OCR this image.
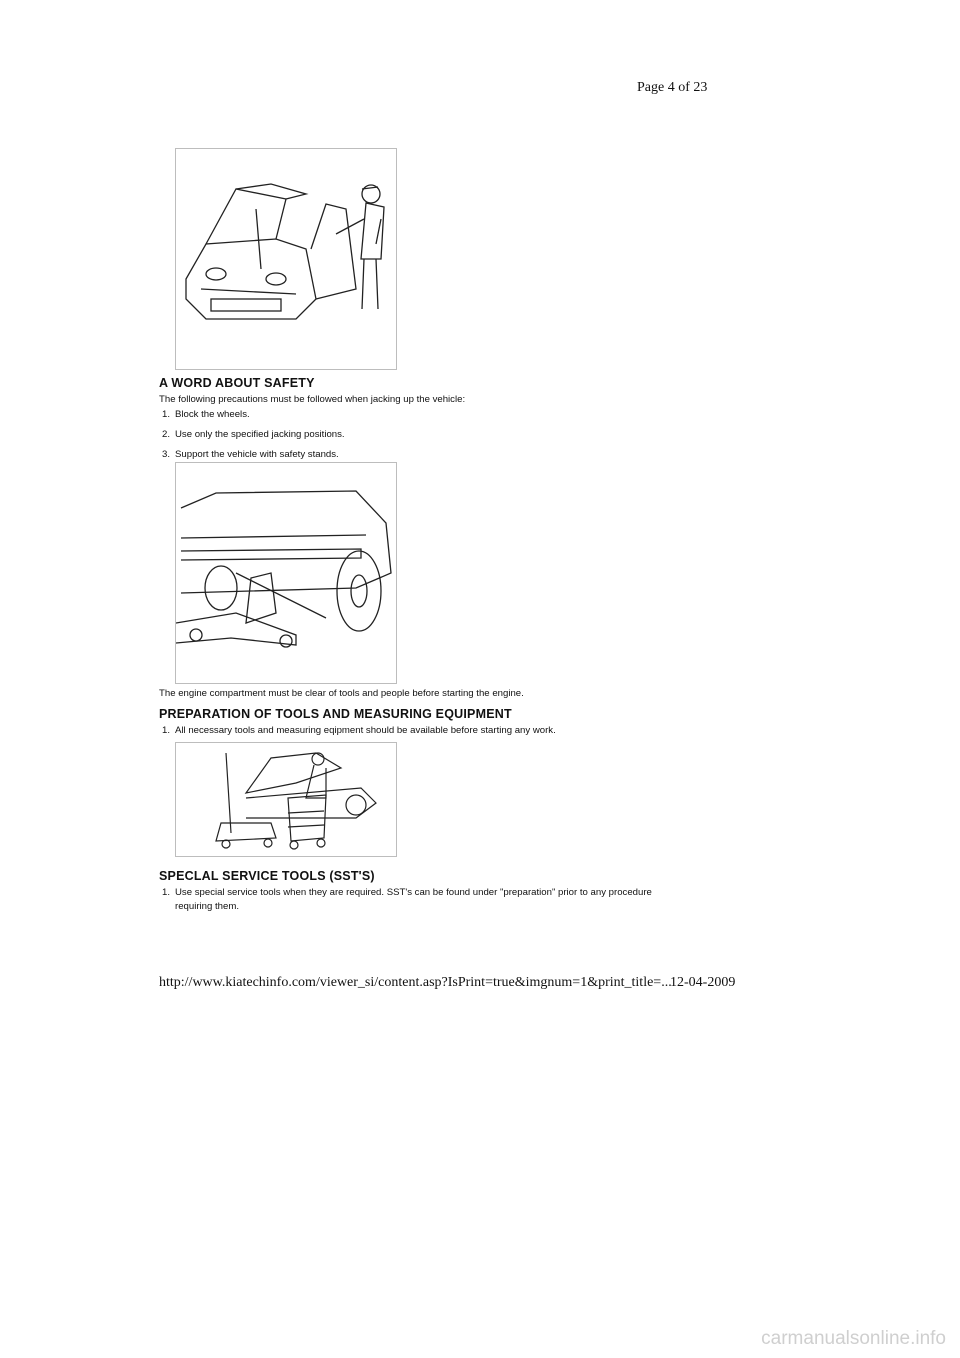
Page 4 of 23
A WORD ABOUT SAFETY
The following precautions must be followed when jacking up the vehicle:
1. Block the wheels.
2. Use only the specified jacking positions.
3. Support the vehicle with safety stands.
The engine compartment must be clear of tools and people before starting the engine.
PREPARATION OF TOOLS AND MEASURING EQUIPMENT
1. All necessary tools and measuring eqipment should be available before starting any work.
SPECLAL SERVICE TOOLS (SST'S)
1. Use special service tools when they are required. SST's can be found under "preparation" prior to any procedure
requiring them.
http://www.kiatechinfo.com/viewer_si/content.asp?IsPrint=true&imgnum=1&print_title=...
12-04-2009
carmanualsonline.info
